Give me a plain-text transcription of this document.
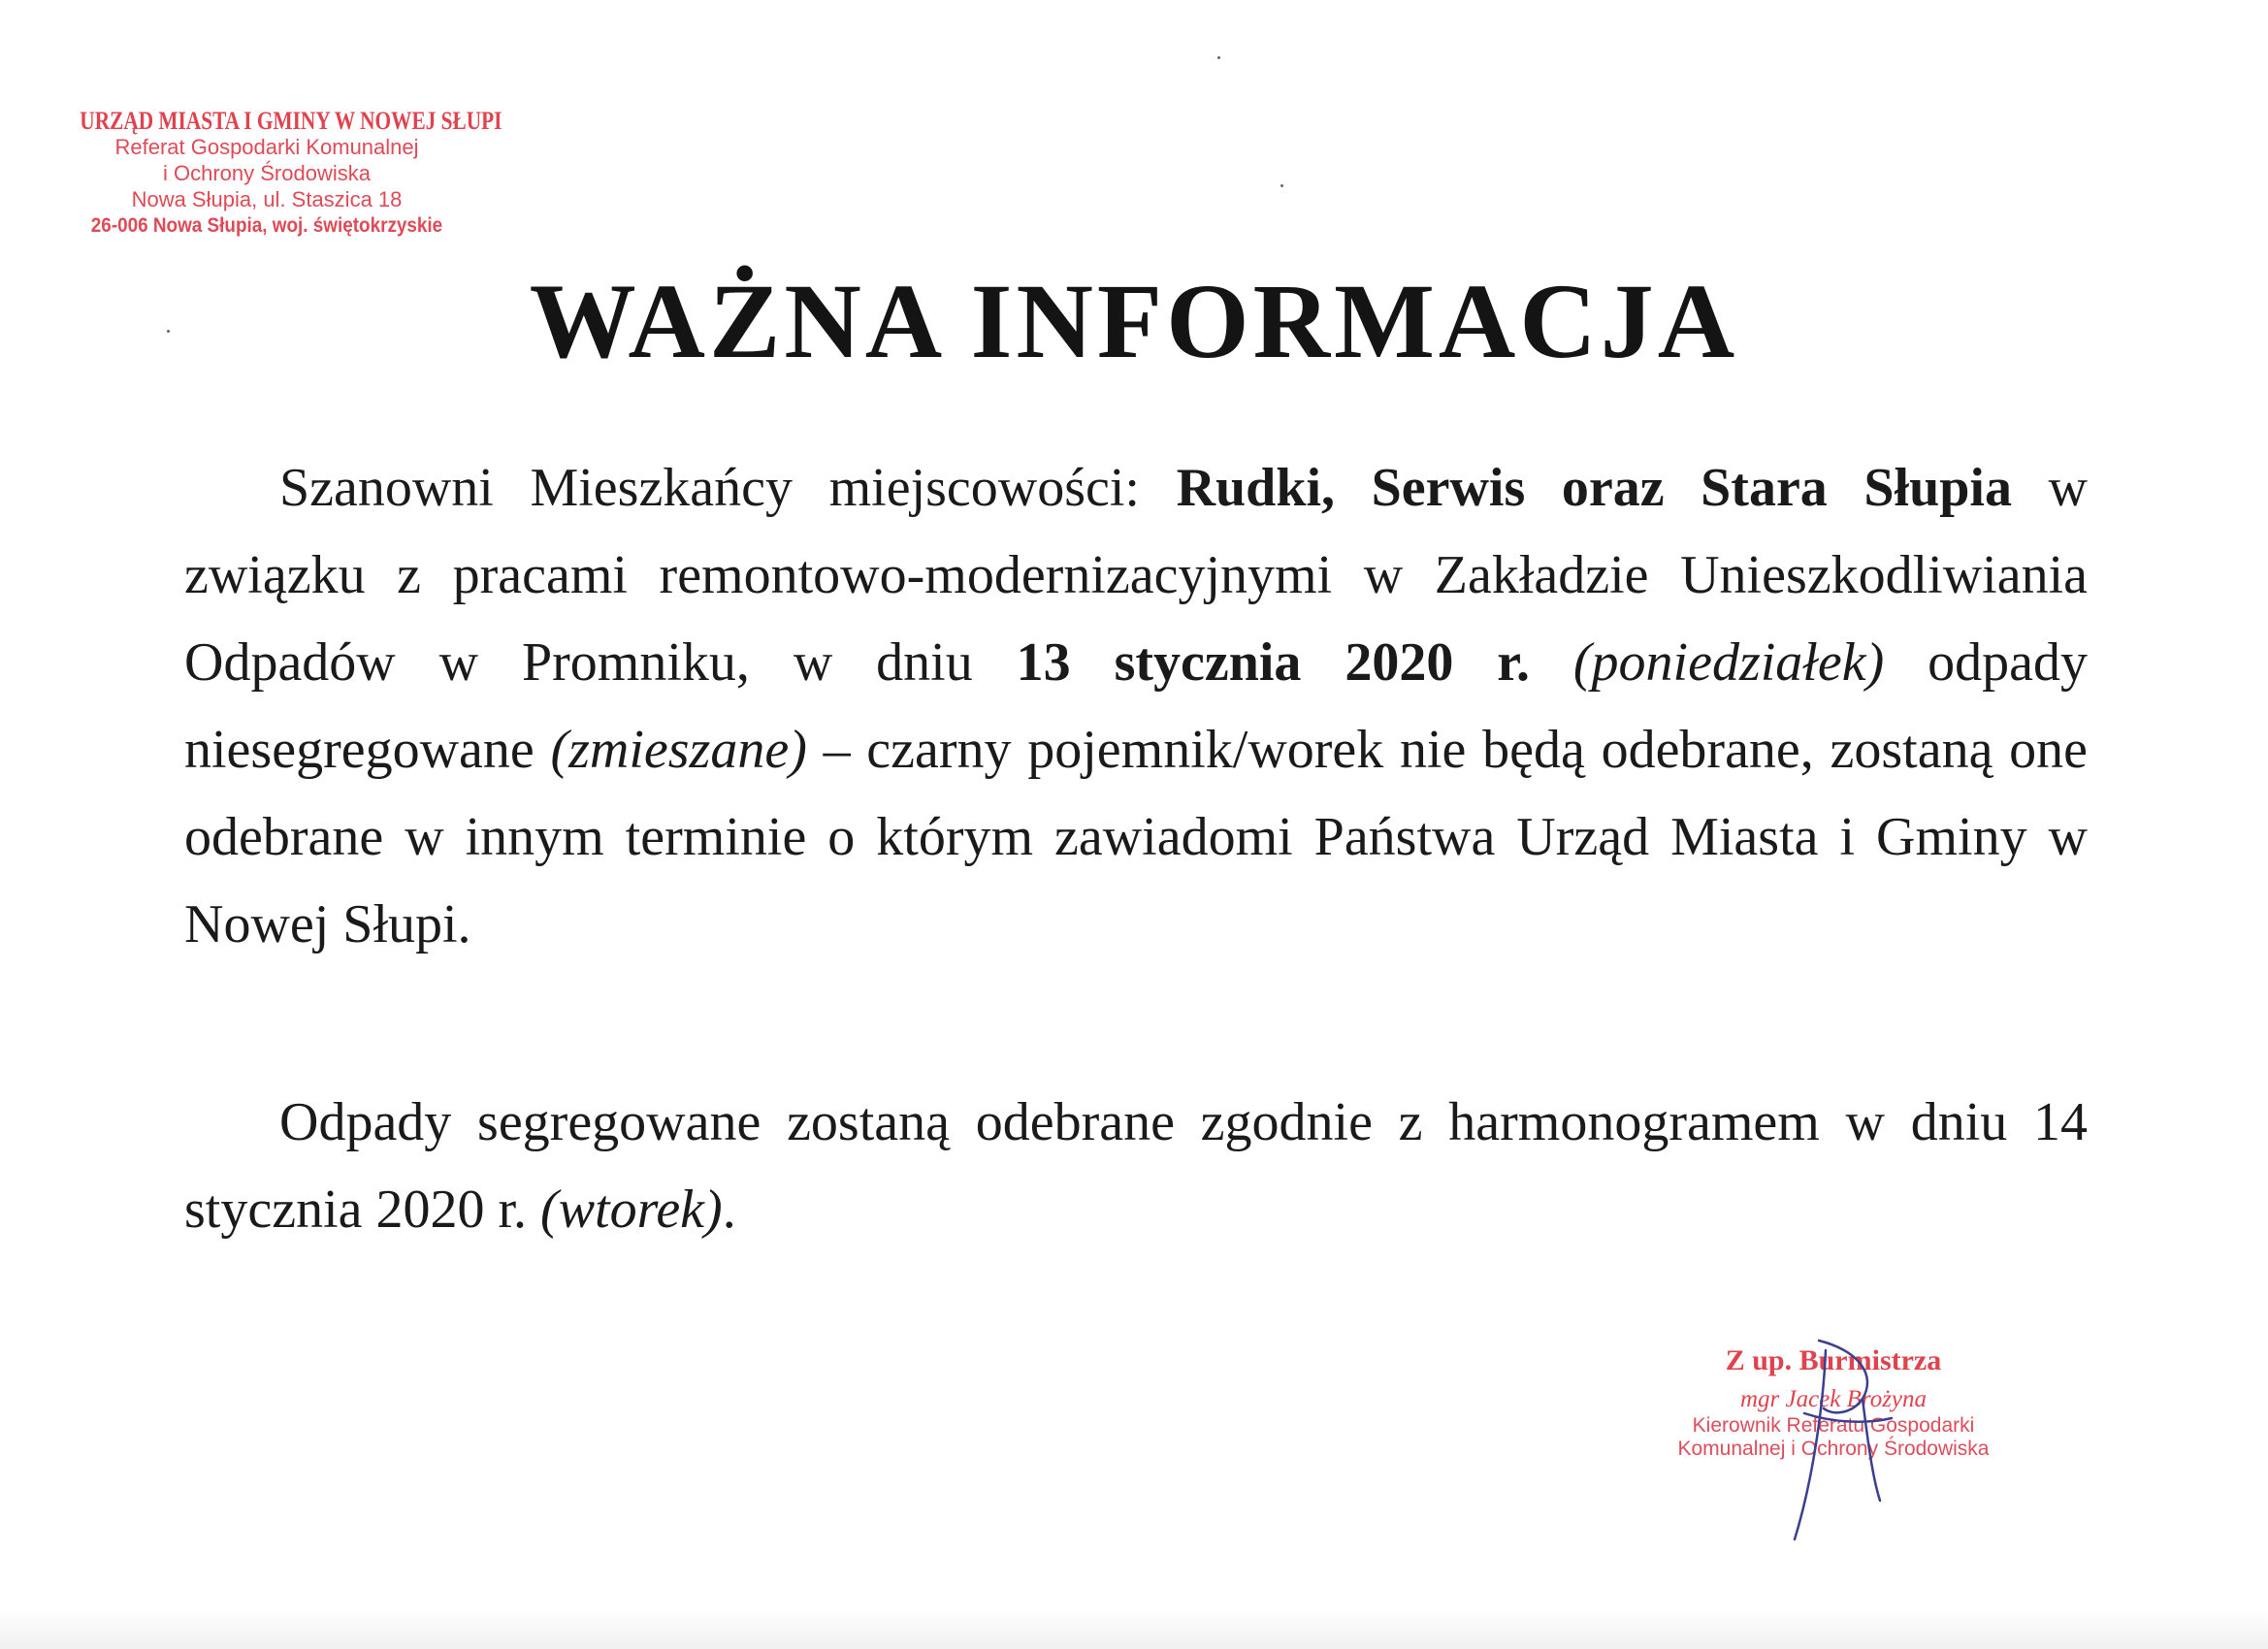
URZĄD MIASTA I GMINY W NOWEJ SŁUPI
Referat Gospodarki Komunalnej
i Ochrony Środowiska
Nowa Słupia, ul. Staszica 18
26-006 Nowa Słupia, woj. świętokrzyskie
WAŻNA INFORMACJA

Szanowni Mieszkańcy miejscowości: Rudki, Serwis oraz Stara Słupia w związku z pracami remontowo-modernizacyjnymi w Zakładzie Unieszkodliwiania Odpadów w Promniku, w dniu 13 stycznia 2020 r. (poniedziałek) odpady niesegregowane (zmieszane) – czarny pojemnik/worek nie będą odebrane, zostaną one odebrane w innym terminie o którym zawiadomi Państwa Urząd Miasta i Gminy w Nowej Słupi.

Odpady segregowane zostaną odebrane zgodnie z harmonogramem w dniu 14 stycznia 2020 r. (wtorek).

Z up. Burmistrza
mgr Jacek Brożyna
Kierownik Referatu Gospodarki
Komunalnej i Ochrony Środowiska
